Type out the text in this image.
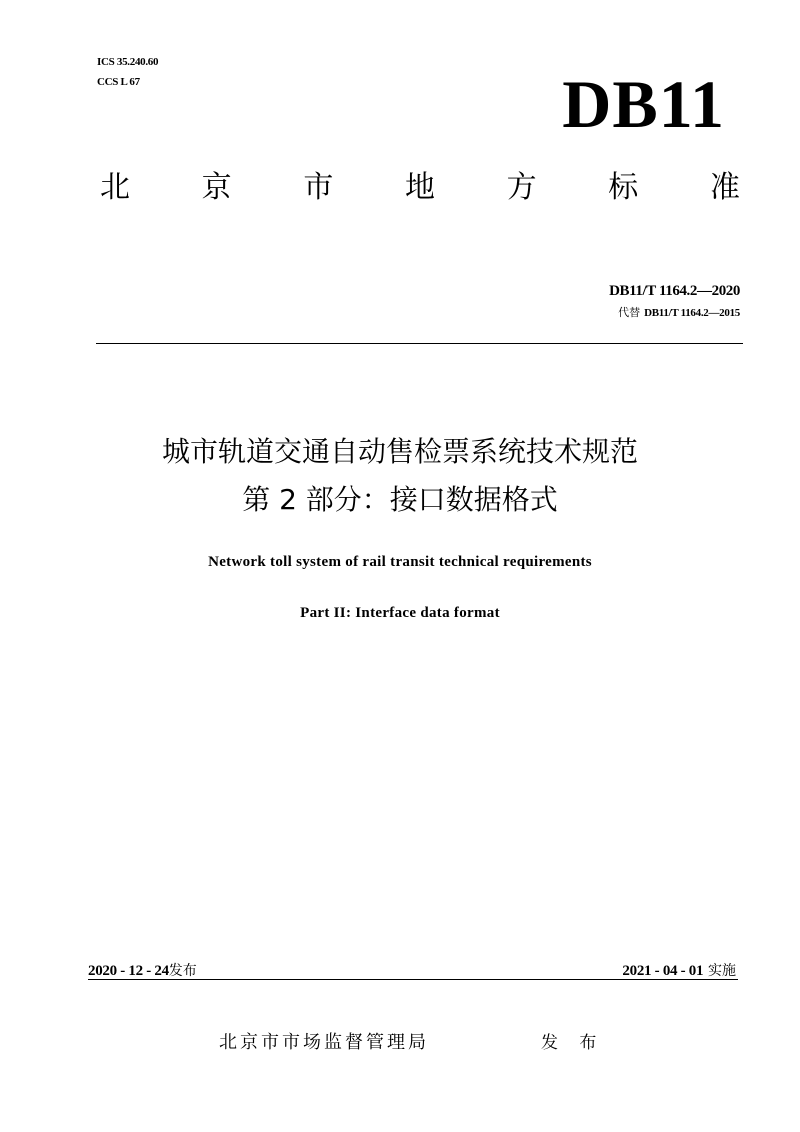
ICS 35.240.60
CCS L 67	DB11
北 京 市 地 方 标 准
DB11/T 1164.2—2020
代替 DB11/T 1164.2—2015
城市轨道交通自动售检票系统技术规范
第 2 部分：接口数据格式
Network toll system of rail transit technical requirements
Part II: Interface data format
2020 - 12 - 24发布	2021 - 04 - 01 实施
北京市市场监督管理局	发 布
